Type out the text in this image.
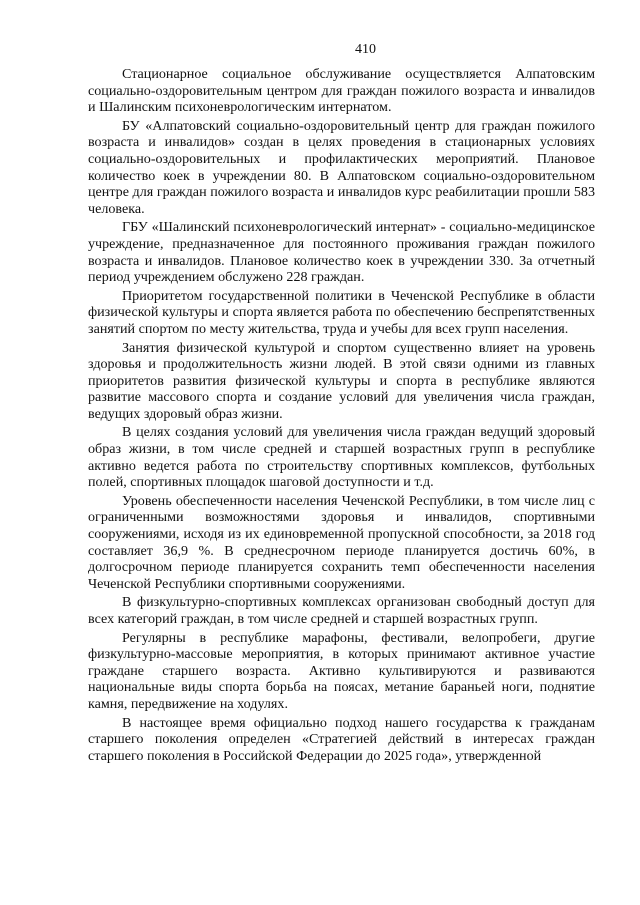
410

Стационарное социальное обслуживание осуществляется Алпатовским социально-оздоровительным центром для граждан пожилого возраста и инвалидов и Шалинским психоневрологическим интернатом.

БУ «Алпатовский социально-оздоровительный центр для граждан пожилого возраста и инвалидов» создан в целях проведения в стационарных условиях социально-оздоровительных и профилактических мероприятий. Плановое количество коек в учреждении 80. В Алпатовском социально-оздоровительном центре для граждан пожилого возраста и инвалидов курс реабилитации прошли 583 человека.

ГБУ «Шалинский психоневрологический интернат» - социально-медицинское учреждение, предназначенное для постоянного проживания граждан пожилого возраста и инвалидов. Плановое количество коек в учреждении 330. За отчетный период учреждением обслужено 228 граждан.

Приоритетом государственной политики в Чеченской Республике в области физической культуры и спорта является работа по обеспечению беспрепятственных занятий спортом по месту жительства, труда и учебы для всех групп населения.

Занятия физической культурой и спортом существенно влияет на уровень здоровья и продолжительность жизни людей. В этой связи одними из главных приоритетов развития физической культуры и спорта в республике являются развитие массового спорта и создание условий для увеличения числа граждан, ведущих здоровый образ жизни.

В целях создания условий для увеличения числа граждан ведущий здоровый образ жизни, в том числе средней и старшей возрастных групп в республике активно ведется работа по строительству спортивных комплексов, футбольных полей, спортивных площадок шаговой доступности и т.д.

Уровень обеспеченности населения Чеченской Республики, в том числе лиц с ограниченными возможностями здоровья и инвалидов, спортивными сооружениями, исходя из их единовременной пропускной способности, за 2018 год составляет 36,9 %. В среднесрочном периоде планируется достичь 60%, в долгосрочном периоде планируется сохранить темп обеспеченности населения Чеченской Республики спортивными сооружениями.

В физкультурно-спортивных комплексах организован свободный доступ для всех категорий граждан, в том числе средней и старшей возрастных групп.

Регулярны в республике марафоны, фестивали, велопробеги, другие физкультурно-массовые мероприятия, в которых принимают активное участие граждане старшего возраста. Активно культивируются и развиваются национальные виды спорта борьба на поясах, метание бараньей ноги, поднятие камня, передвижение на ходулях.

В настоящее время официально подход нашего государства к гражданам старшего поколения определен «Стратегией действий в интересах граждан старшего поколения в Российской Федерации до 2025 года», утвержденной
